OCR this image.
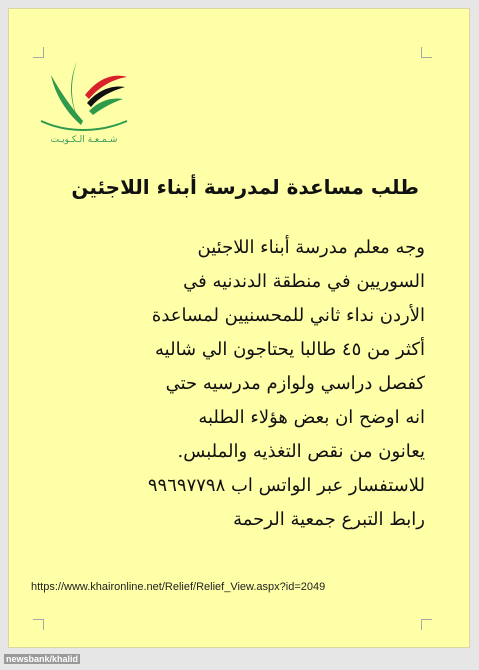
شـمـعـة الـكـويـت
طلب مساعدة لمدرسة أبناء اللاجئين
وجه معلم مدرسة أبناء اللاجئين
السوريين في منطقة الدندنيه في
الأردن نداء ثاني للمحسنيين لمساعدة
أكثر من ٤٥ طالبا يحتاجون الي شاليه
كفصل دراسي ولوازم مدرسيه حتي
انه اوضح ان بعض هؤلاء الطلبه
يعانون من نقص التغذيه والملبس.
للاستفسار عبر الواتس اب ٩٩٦٩٧٧٩٨
رابط التبرع جمعية الرحمة
https://www.khaironline.net/Relief/Relief_View.aspx?id=2049
newsbank/khalid
